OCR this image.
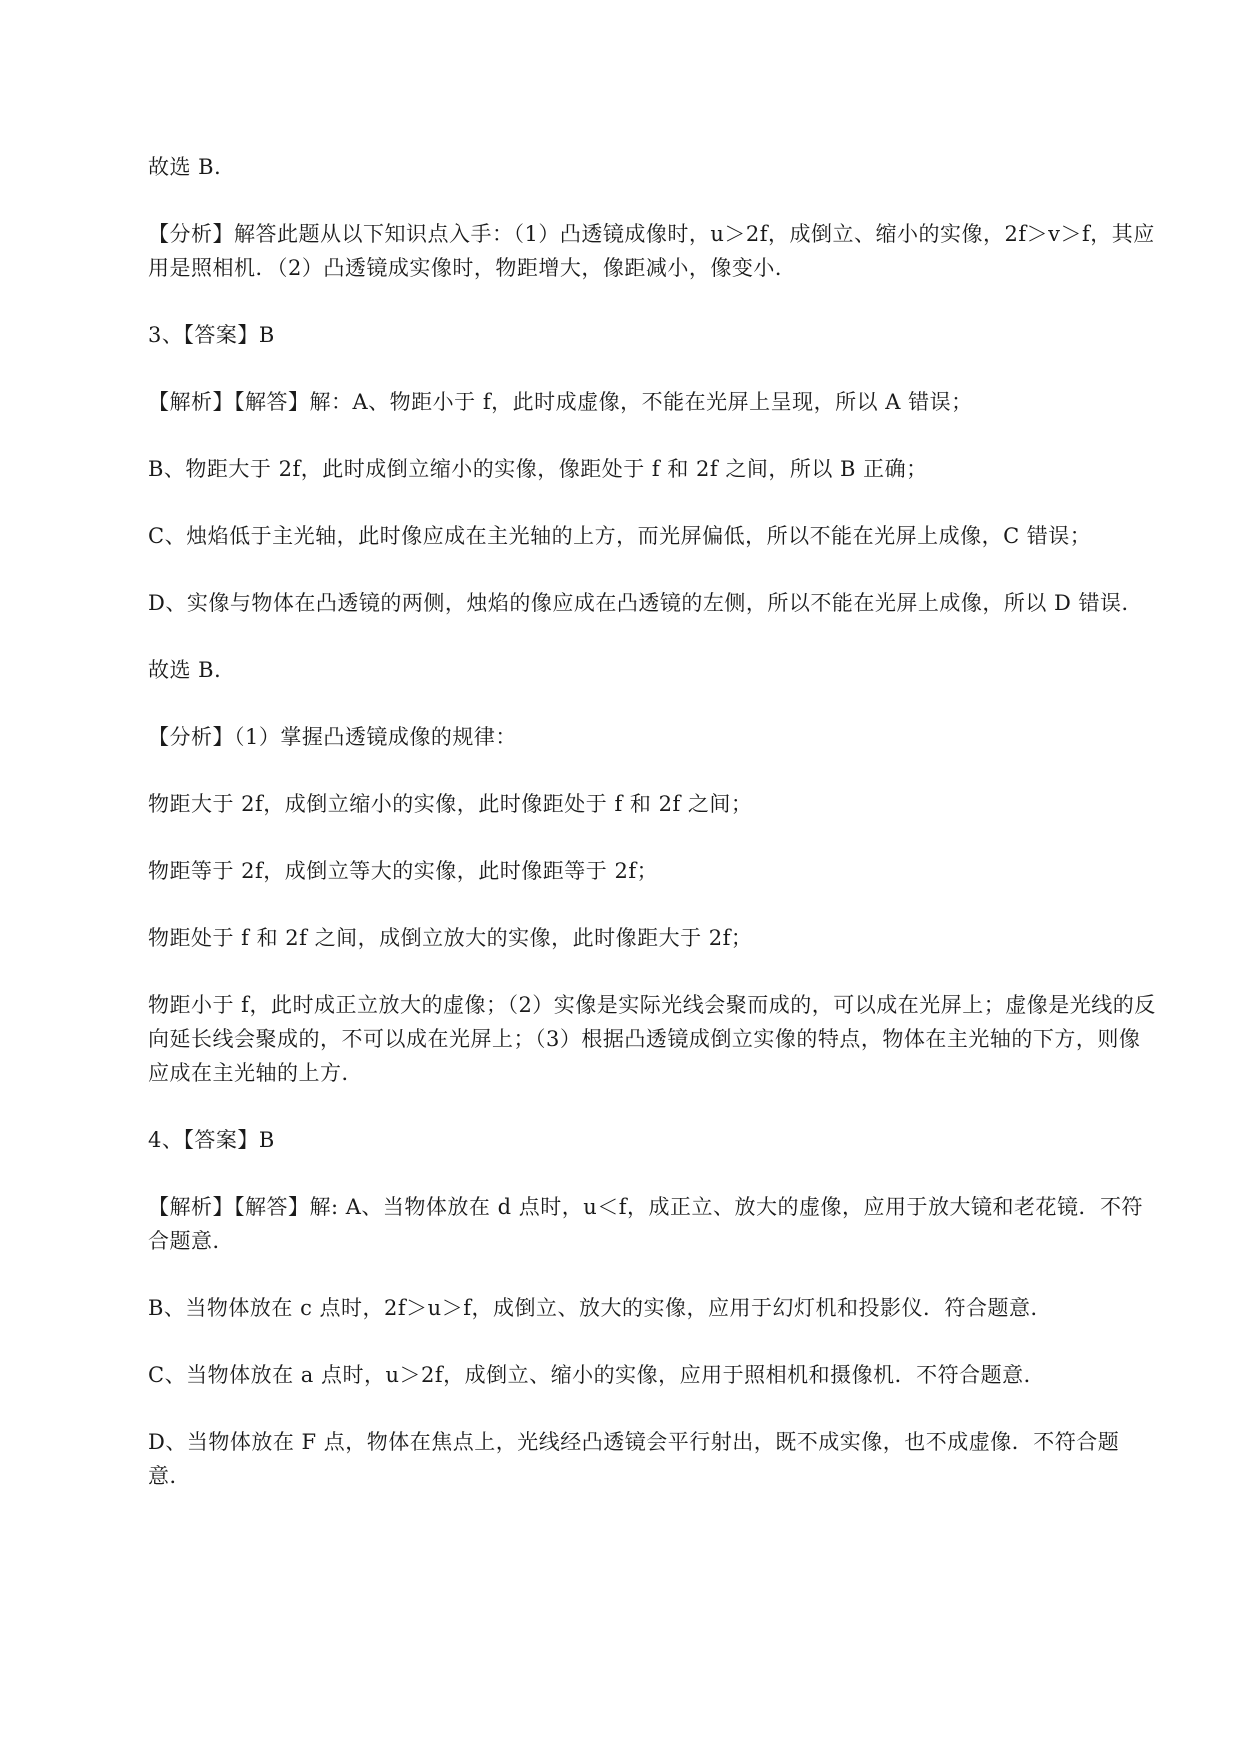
故选 B．

【分析】解答此题从以下知识点入手：（1）凸透镜成像时，u＞2f，成倒立、缩小的实像，2f＞v＞f，其应用是照相机．（2）凸透镜成实像时，物距增大，像距减小，像变小．

3、【答案】B

【解析】【解答】解：A、物距小于 f，此时成虚像，不能在光屏上呈现，所以 A 错误；

B、物距大于 2f，此时成倒立缩小的实像，像距处于 f 和 2f 之间，所以 B 正确；

C、烛焰低于主光轴，此时像应成在主光轴的上方，而光屏偏低，所以不能在光屏上成像，C 错误；

D、实像与物体在凸透镜的两侧，烛焰的像应成在凸透镜的左侧，所以不能在光屏上成像，所以 D 错误．

故选 B．

【分析】（1）掌握凸透镜成像的规律：

物距大于 2f，成倒立缩小的实像，此时像距处于 f 和 2f 之间；

物距等于 2f，成倒立等大的实像，此时像距等于 2f；

物距处于 f 和 2f 之间，成倒立放大的实像，此时像距大于 2f；

物距小于 f，此时成正立放大的虚像；（2）实像是实际光线会聚而成的，可以成在光屏上；虚像是光线的反向延长线会聚成的，不可以成在光屏上；（3）根据凸透镜成倒立实像的特点，物体在主光轴的下方，则像应成在主光轴的上方．

4、【答案】B

【解析】【解答】解: A、当物体放在 d 点时，u＜f，成正立、放大的虚像，应用于放大镜和老花镜．不符合题意．

B、当物体放在 c 点时，2f＞u＞f，成倒立、放大的实像，应用于幻灯机和投影仪．符合题意．

C、当物体放在 a 点时，u＞2f，成倒立、缩小的实像，应用于照相机和摄像机．不符合题意．

D、当物体放在 F 点，物体在焦点上，光线经凸透镜会平行射出，既不成实像，也不成虚像．不符合题意．
